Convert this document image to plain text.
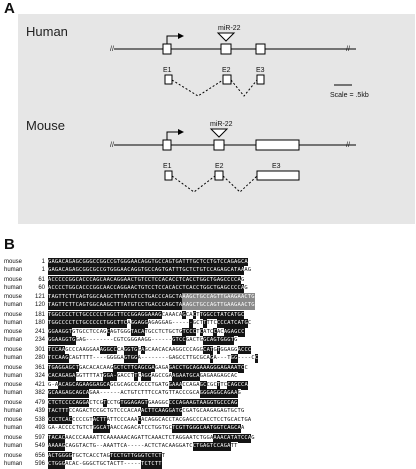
A
Human
//	//
miR-22
E1	E2	E3
Scale = .5kb
Mouse
//	//
miR-22
E1	E2	E3
B
mouse	1 GAGACAGAGCGGGCCGGCCGTGGGAACAGGTGCCAGTGATTTGCTCCTGTCCAGAGCA
human	1 GAGACAGAGCGGCGCCGTGGGAACAGGTGCCAGTGATTTGCTCTGTCCAGAGCATAAAG
mouse	61 ACCCCCGGCACCCAGCAACAGGAACTGTCCTCCACACCTCACCTGGCTGAGCCCCAG
human	60 ACCCCTGGCACCCGGCAACCAGGAACTGTCCTCCACACCTCACCTGGCTGAGCCCCAG
mouse	121 TAGTTCTTCAGTGGCAAGCTTTATGTCCTGACCCAGCTAAAGCTGCCAGTTGAAGAACTG
human	120 TAGTTCTTCAGTGGCAAGCTTTATGTCCTGACCCAGCTAAAGCTGCCAGTTGAAGAACTG
mouse	181 TGGCCCCTCTGCCCCCTGGCTTCCGGAGGAAAGCAAACAGCACTTGGCCTATCATGC
human	180 TGGCCCCTCTGCCCCCTGGCTTCAGGAGGAGAGGAG------GCTTTTCCCCATCATGC
mouse	241 GGAAGGTGTGCCTCCAGCAGTGGGTACATGCCTCTGCTGTCCCTCATCCACAGAGCC
human	234 GGAAGGTGGAG--------CGTCGGGAAGG------GTCCGACTGGCAGTGGGTG
mouse	301 TCCAAGCCCAAGGAAAGGCCCAGGTGGAGCAACACAAGGCCCAGGCATGTGGAGGACCC
human	280 TCCAAGCAGTTTT----GGGGAGTGGA--------GAGCCTTGCGCAGA---TGG----CC
mouse	361 TGAGGAGCTGACACACAAGGCTCTTCAGCGAGAGAGACCTGCAGAAAGGGAGAAATCC
human	324 CACAGAGAGGTTTTATGGA-GACCTTCAGGAGCCGAAGAATGCAGAGAAGAGCAC
mouse	421 G-AACAGCAGAAGGAGCAGCGCAGCCACCCTGATGGAAACCAGAGCCGCTTCCAGCCA
human	382 GCAAGAGCAGCAGAA------ACTGTCTTTCCATGTTACCCGCAGGGAGGCAGAAG
mouse	479 CTCTCCCCAGGACTCGTCCTGTGGAGAGTGAAGGCCCCAGAAGTAAGGTGCCCAG
human	439 TACTTTCCAGACTCCGCTGTCCCACAAACTTCAAGGATGCGATGCAAGAGAGTGCTG
mouse	538 CCCTCACCCCCGTACTTATTCCCAAACACAGGCACCTACGAGCCCACCTCCTGCACTGA
human	493 GA-ACCCCTGTCTGGCATAACCAGACATCCTGGTGCTCGTTGGGCAATGGTCAGCAA
mouse	597 TACACAACCCAAAATTCAAAAAACAGATTCAAACTCTAGGAATCTGGAAAACATATCCAG
human	549 AAAAGCAGGTACTG--AAATTCA-----ACTCTACAAGGATCCTGAGTCCAGATT
mouse	656 ACTGGGGTGCTCACCTAGTCCTGTTGGGTCTCTT
human	596 CTGGGACAC-GGGCTGCTACTT-----TCTCTT
